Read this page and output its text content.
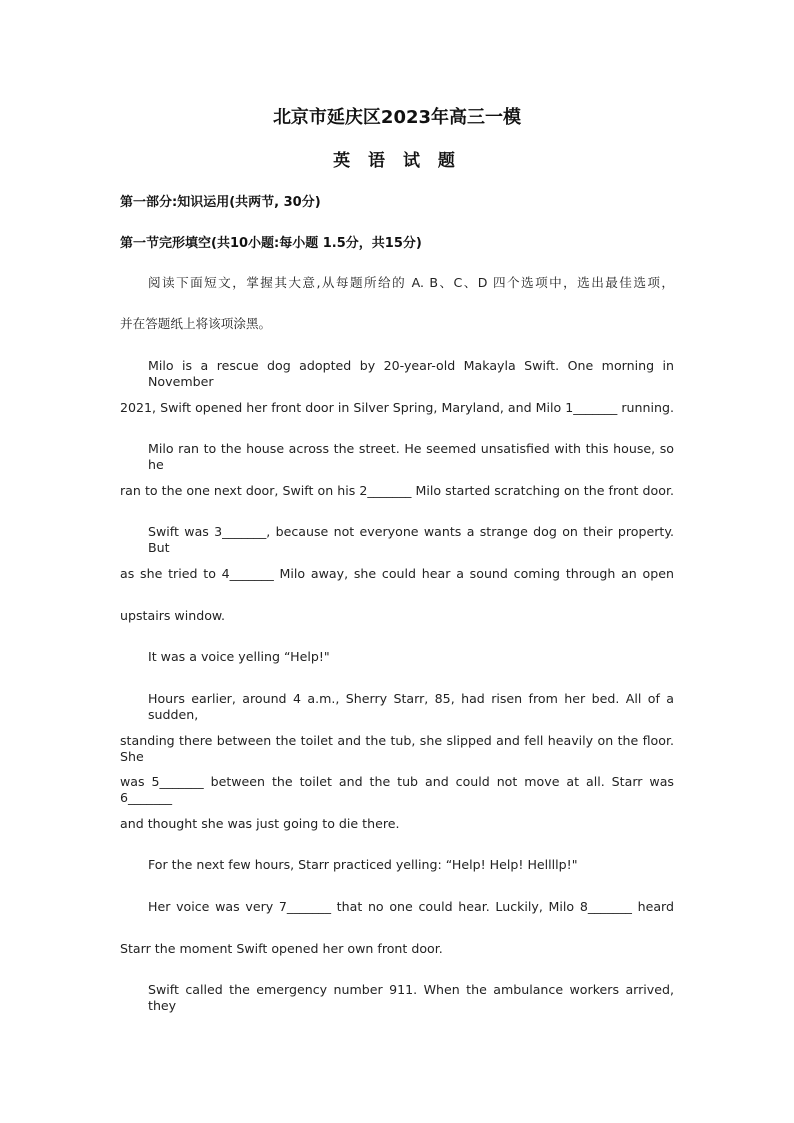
北京市延庆区2023年高三一模
英 语 试 题
第一部分:知识运用(共两节, 30分)
第一节完形填空(共10小题:每小题 1.5分，共15分)
阅读下面短文，掌握其大意,从每题所给的 A. B、C、D 四个选项中，选出最佳选项，
并在答题纸上将该项涂黑。
Milo is a rescue dog adopted by 20-year-old Makayla Swift. One morning in November
2021, Swift opened her front door in Silver Spring, Maryland, and Milo 1_______ running.
Milo ran to the house across the street. He seemed unsatisfied with this house, so he
ran to the one next door, Swift on his 2_______ Milo started scratching on the front door.
Swift was 3_______, because not everyone wants a strange dog on their property. But
as she tried to 4_______ Milo away, she could hear a sound coming through an open
upstairs window.
It was a voice yelling “Help!"
Hours earlier, around 4 a.m., Sherry Starr, 85, had risen from her bed. All of a sudden,
standing there between the toilet and the tub, she slipped and fell heavily on the floor. She
was 5_______ between the toilet and the tub and could not move at all. Starr was 6_______
and thought she was just going to die there.
For the next few hours, Starr practiced yelling: “Help! Help! Hellllp!"
Her voice was very 7_______ that no one could hear. Luckily, Milo 8_______ heard
Starr the moment Swift opened her own front door.
Swift called the emergency number 911. When the ambulance workers arrived, they
